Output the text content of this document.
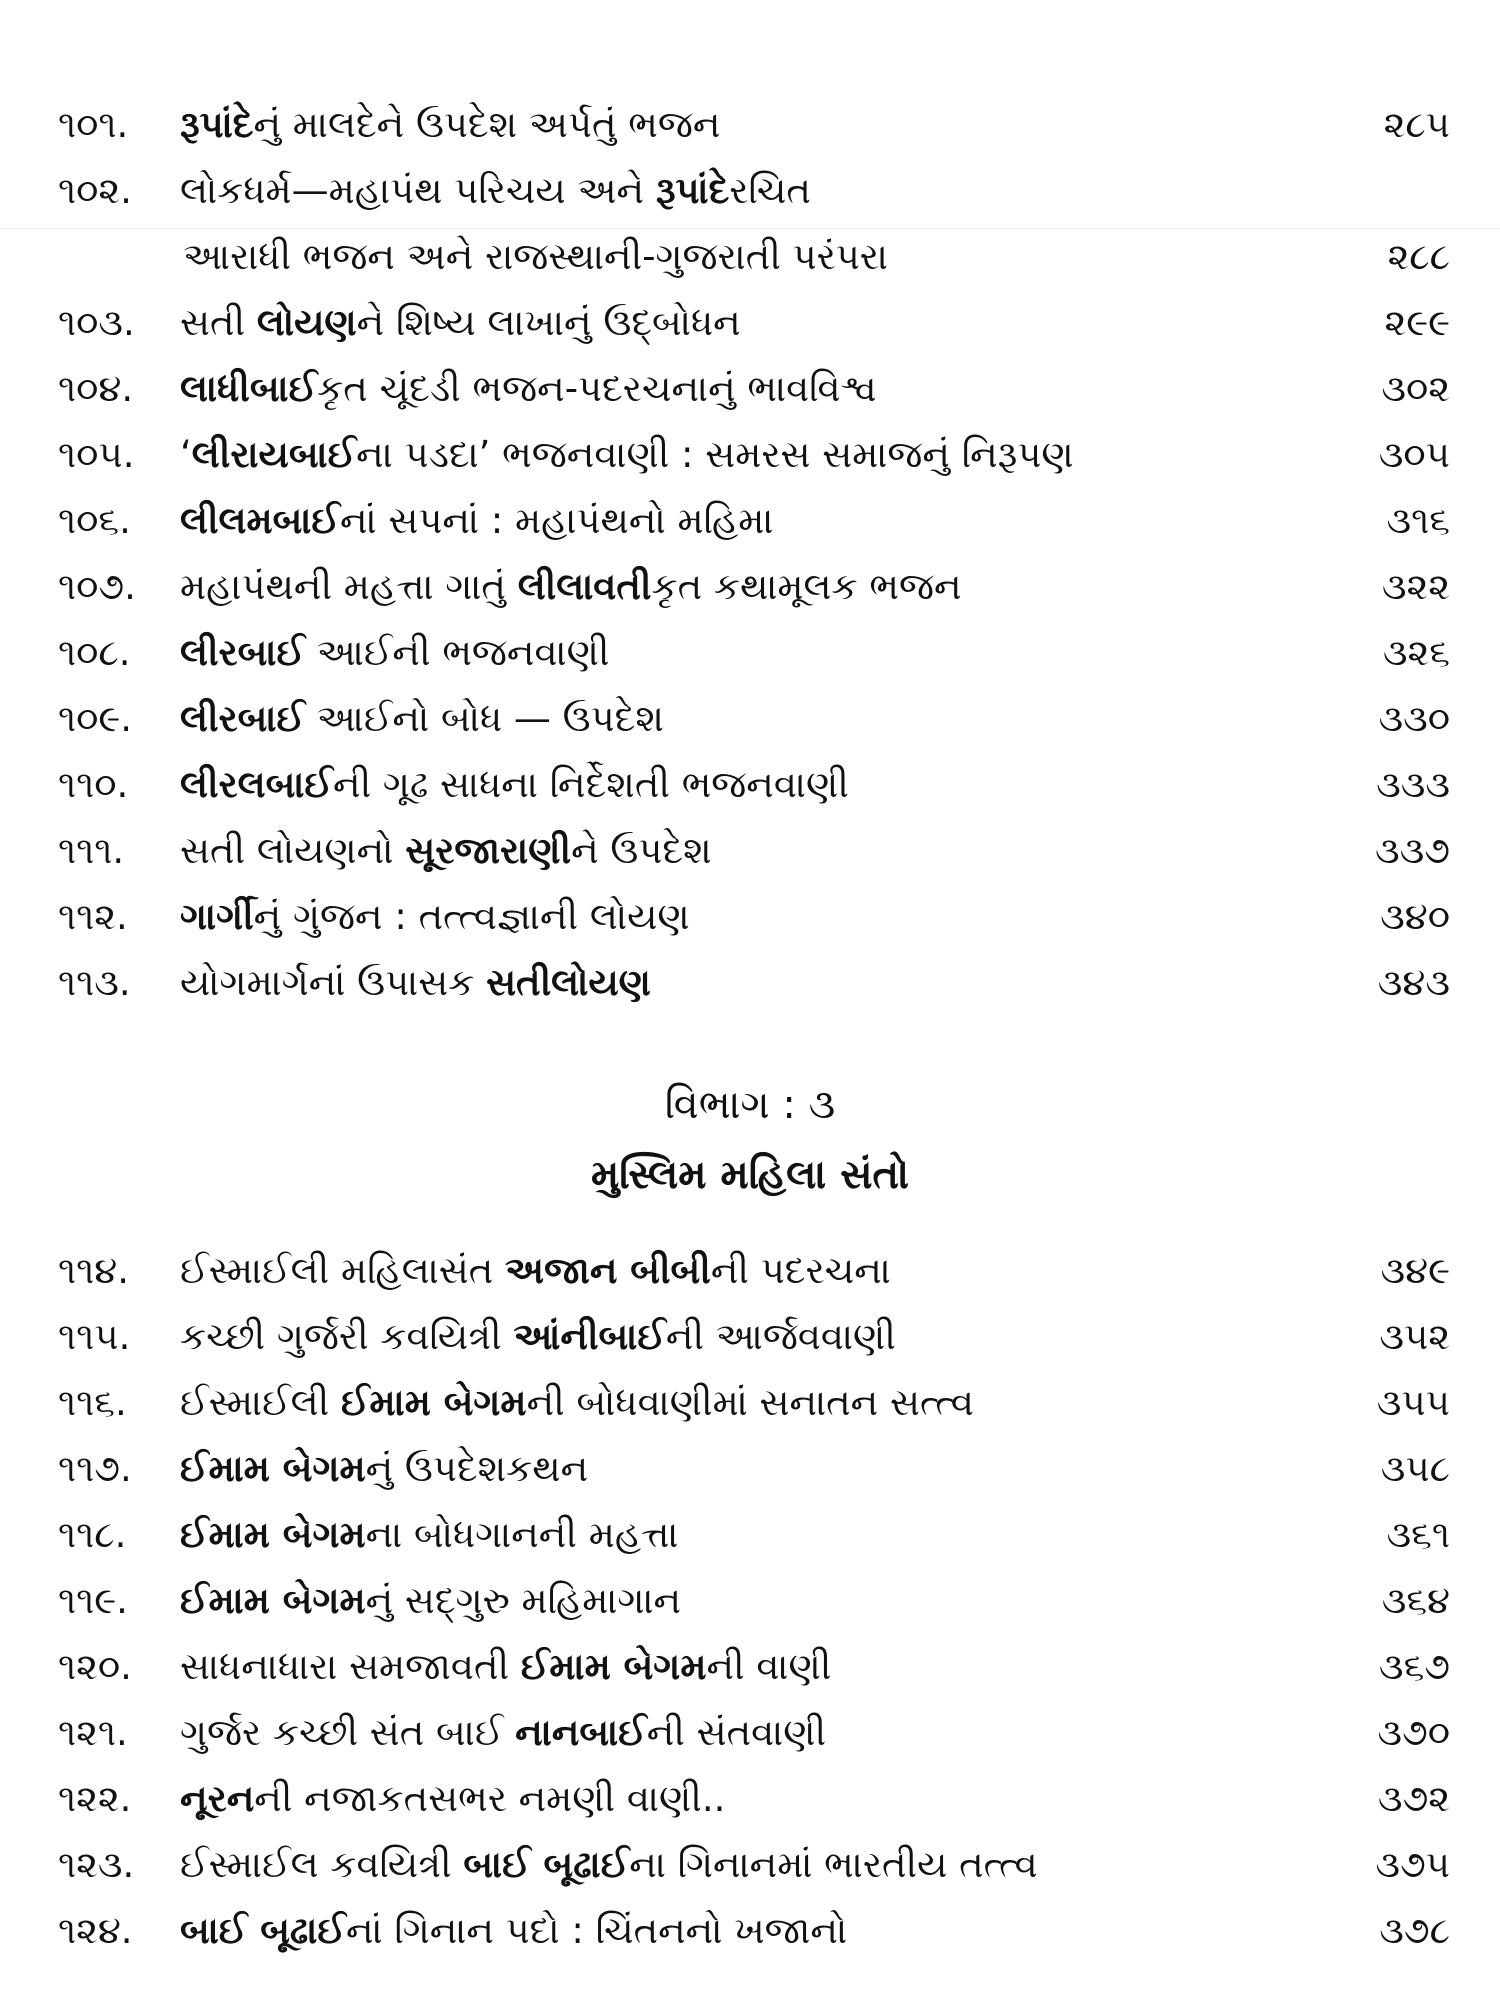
૧૦૧. રૂપાંદેનું માલદેને ઉપદેશ અર્પતું ભજન	૨૮૫
૧૦૨. લોકધર્મ—મહાપંથ પરિચય અને રૂપાંદેરચિત
આરાધી ભજન અને રાજસ્થાની-ગુજરાતી પરંપરા	૨૮૮
૧૦૩. સતી લોયણને શિષ્ય લાખાનું ઉદ્‌બોધન	૨૯૯
૧૦૪. લાધીબાઈકૃત ચૂંદડી ભજન-પદરચનાનું ભાવવિશ્વ	૩૦૨
૧૦૫. ‘લીરાયબાઈના પડદા’ ભજનવાણી : સમરસ સમાજનું નિરૂપણ	૩૦૫
૧૦૬. લીલમબાઈનાં સપનાં : મહાપંથનો મહિમા	૩૧૬
૧૦૭. મહાપંથની મહત્તા ગાતું લીલાવતીકૃત કથામૂલક ભજન	૩૨૨
૧૦૮. લીરબાઈ આઈની ભજનવાણી	૩૨૬
૧૦૯. લીરબાઈ આઈનો બોધ — ઉપદેશ	૩૩૦
૧૧૦. લીરલબાઈની ગૂઢ સાધના નિર્દેશતી ભજનવાણી	૩૩૩
૧૧૧. સતી લોયણનો સૂરજારાણીને ઉપદેશ	૩૩૭
૧૧૨. ગાર્ગીનું ગુંજન : તત્ત્વજ્ઞાની લોયણ	૩૪૦
૧૧૩. યોગમાર્ગનાં ઉપાસક સતીલોયણ	૩૪૩
વિભાગ : ૩
મુસ્લિમ મહિલા સંતો
૧૧૪. ઈસ્માઈલી મહિલાસંત અજાન બીબીની પદરચના	૩૪૯
૧૧૫. કચ્છી ગુર્જરી કવયિત્રી આંનીબાઈની આર્જવવાણી	૩૫૨
૧૧૬. ઈસ્માઈલી ઈમામ બેગમની બોધવાણીમાં સનાતન સત્ત્વ	૩૫૫
૧૧૭. ઈમામ બેગમનું ઉપદેશકથન	૩૫૮
૧૧૮. ઈમામ બેગમના બોધગાનની મહત્તા	૩૬૧
૧૧૯. ઈમામ બેગમનું સદ્‌ગુરુ મહિમાગાન	૩૬૪
૧૨૦. સાધનાધારા સમજાવતી ઈમામ બેગમની વાણી	૩૬૭
૧૨૧. ગુર્જર કચ્છી સંત બાઈ નાનબાઈની સંતવાણી	૩૭૦
૧૨૨. નૂરનની નજાકતસભર નમણી વાણી..	૩૭૨
૧૨૩. ઈસ્માઈલ કવયિત્રી બાઈ બૂઢાઈના ગિનાનમાં ભારતીય તત્ત્વ	૩૭૫
૧૨૪. બાઈ બૂઢાઈનાં ગિનાન પદો : ચિંતનનો ખજાનો	૩૭૮
